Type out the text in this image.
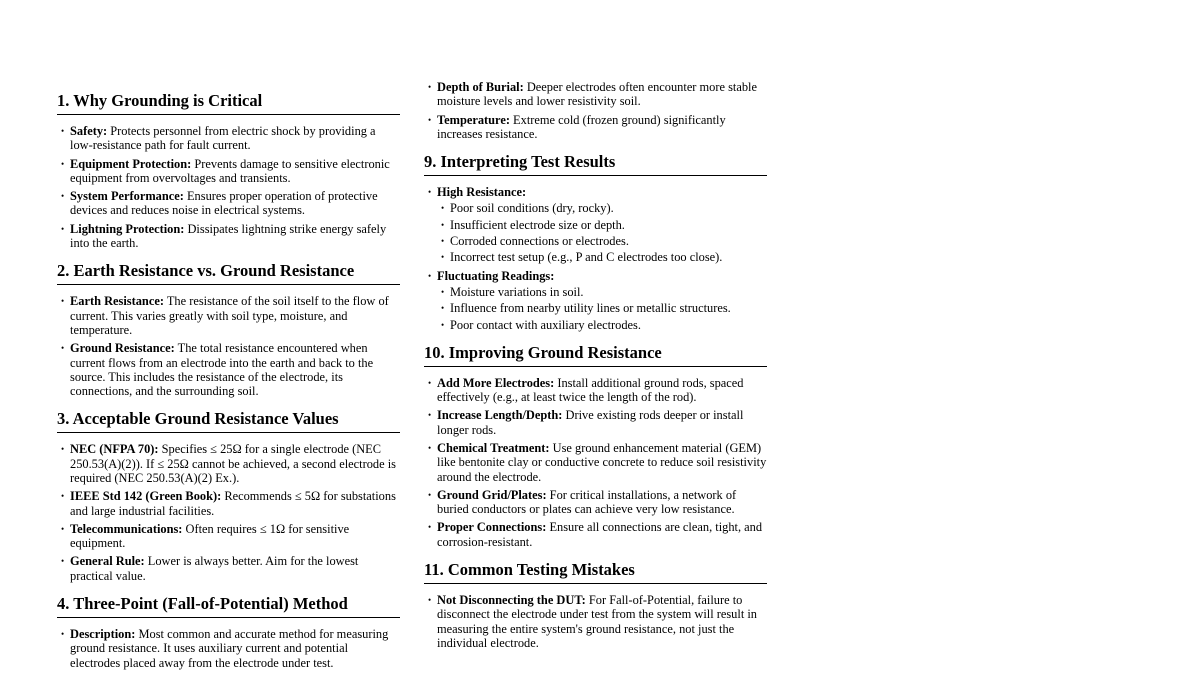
1. Why Grounding is Critical
• Safety: Protects personnel from electric shock by providing a low-resistance path for fault current.
• Equipment Protection: Prevents damage to sensitive electronic equipment from overvoltages and transients.
• System Performance: Ensures proper operation of protective devices and reduces noise in electrical systems.
• Lightning Protection: Dissipates lightning strike energy safely into the earth.
2. Earth Resistance vs. Ground Resistance
• Earth Resistance: The resistance of the soil itself to the flow of current. This varies greatly with soil type, moisture, and temperature.
• Ground Resistance: The total resistance encountered when current flows from an electrode into the earth and back to the source. This includes the resistance of the electrode, its connections, and the surrounding soil.
3. Acceptable Ground Resistance Values
• NEC (NFPA 70): Specifies ≤ 25Ω for a single electrode (NEC 250.53(A)(2)). If ≤ 25Ω cannot be achieved, a second electrode is required (NEC 250.53(A)(2) Ex.).
• IEEE Std 142 (Green Book): Recommends ≤ 5Ω for substations and large industrial facilities.
• Telecommunications: Often requires ≤ 1Ω for sensitive equipment.
• General Rule: Lower is always better. Aim for the lowest practical value.
4. Three-Point (Fall-of-Potential) Method
• Description: Most common and accurate method for measuring ground resistance. It uses auxiliary current and potential electrodes placed away from the electrode under test.
• Depth of Burial: Deeper electrodes often encounter more stable moisture levels and lower resistivity soil.
• Temperature: Extreme cold (frozen ground) significantly increases resistance.
9. Interpreting Test Results
• High Resistance:
• Poor soil conditions (dry, rocky).
• Insufficient electrode size or depth.
• Corroded connections or electrodes.
• Incorrect test setup (e.g., P and C electrodes too close).
• Fluctuating Readings:
• Moisture variations in soil.
• Influence from nearby utility lines or metallic structures.
• Poor contact with auxiliary electrodes.
10. Improving Ground Resistance
• Add More Electrodes: Install additional ground rods, spaced effectively (e.g., at least twice the length of the rod).
• Increase Length/Depth: Drive existing rods deeper or install longer rods.
• Chemical Treatment: Use ground enhancement material (GEM) like bentonite clay or conductive concrete to reduce soil resistivity around the electrode.
• Ground Grid/Plates: For critical installations, a network of buried conductors or plates can achieve very low resistance.
• Proper Connections: Ensure all connections are clean, tight, and corrosion-resistant.
11. Common Testing Mistakes
• Not Disconnecting the DUT: For Fall-of-Potential, failure to disconnect the electrode under test from the system will result in measuring the entire system's ground resistance, not just the individual electrode.
